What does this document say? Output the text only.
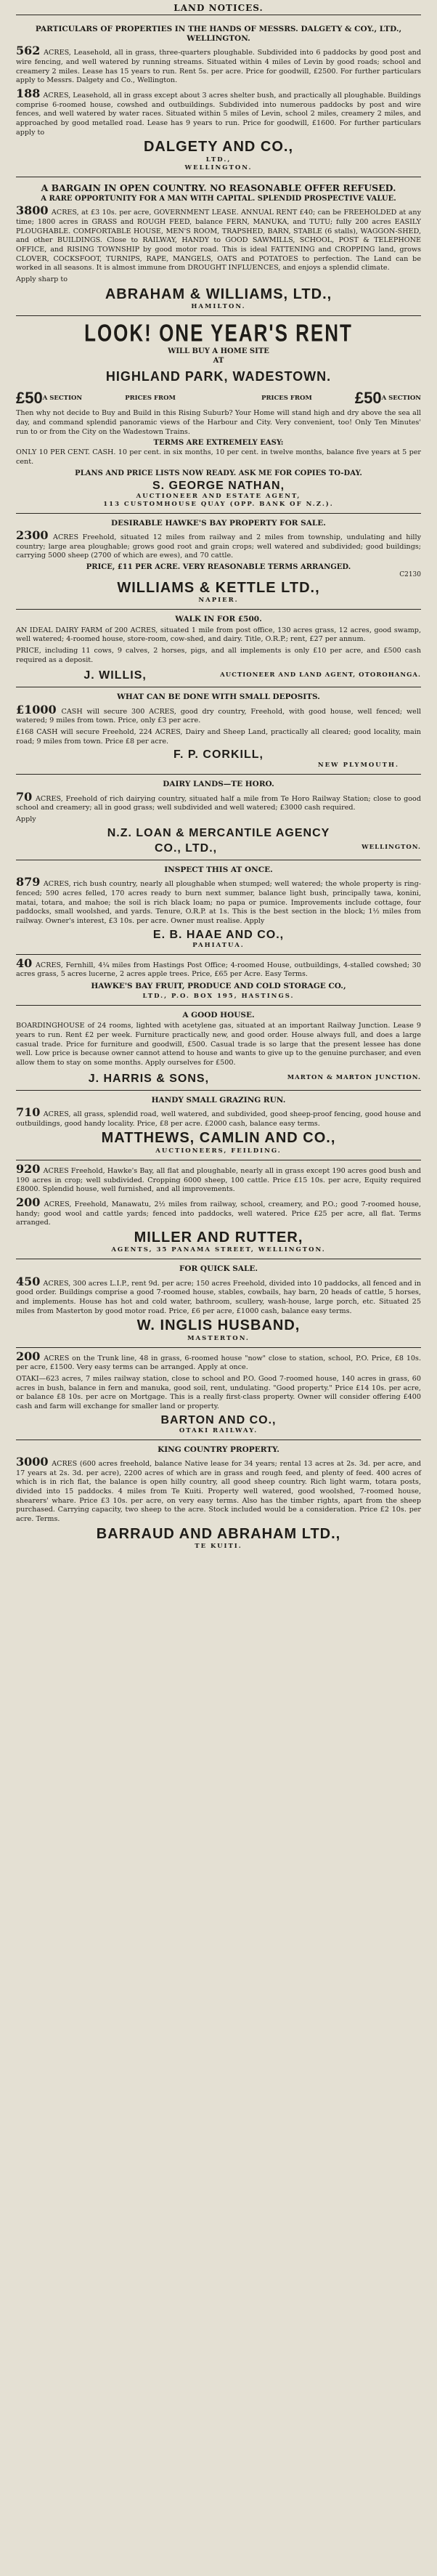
LAND NOTICES.
PARTICULARS OF PROPERTIES IN THE HANDS OF MESSRS. DALGETY & COY., LTD., WELLINGTON.

562 ACRES, Leasehold, all in grass, three-quarters ploughable. Subdivided into 6 paddocks by good post and wire fencing, and well watered by running streams. Situated within 4 miles of Levin by good roads; school and creamery 2 miles. Lease has 15 years to run. Rent 5s. per acre. Price for goodwill, £2500. For further particulars apply to Messrs. Dalgety and Co., Wellington.

188 ACRES, Leasehold, all in grass except about 3 acres shelter bush, and practically all ploughable. Buildings comprise 6-roomed house, cowshed and outbuildings. Subdivided into numerous paddocks by post and wire fences, and well watered by water races. Situated within 5 miles of Levin, school 2 miles, creamery 2 miles, and approached by good metalled road. Lease has 9 years to run. Price for goodwill, £1600. For further particulars apply to

DALGETY AND CO.,
LTD.,
WELLINGTON.
A BARGAIN IN OPEN COUNTRY. NO REASONABLE OFFER REFUSED.
A RARE OPPORTUNITY FOR A MAN WITH CAPITAL. SPLENDID PROSPECTIVE VALUE.

3800 ACRES, at £3 10s. per acre, GOVERNMENT LEASE. ANNUAL RENT £40; can be FREEHOLDED at any time; 1800 acres in GRASS and ROUGH FEED, balance FERN, MANUKA, and TUTU; fully 200 acres EASILY PLOUGHABLE. COMFORTABLE HOUSE, MEN'S ROOM, TRAPSHED, BARN, STABLE (6 stalls), WAGGON-SHED, and other BUILDINGS. Close to RAILWAY, HANDY to GOOD SAWMILLS, SCHOOL, POST & TELEPHONE OFFICE, and RISING TOWNSHIP by good motor road. This is ideal FATTENING and CROPPING land, grows CLOVER, COCKSFOOT, TURNIPS, RAPE, MANGELS, OATS and POTATOES to perfection. The Land can be worked in all seasons. It is almost immune from DROUGHT INFLUENCES, and enjoys a splendid climate.

Apply sharp to

ABRAHAM & WILLIAMS, LTD.,
HAMILTON.
LOOK! ONE YEAR'S RENT
WILL BUY A HOME SITE
AT
HIGHLAND PARK, WADESTOWN.
£50 A SECTION	PRICES FROM	PRICES FROM	£50 A SECTION

Then why not decide to Buy and Build in this Rising Suburb? Your Home will stand high and dry above the sea all day, and command splendid panoramic views of the Harbour and City. Very convenient, too! Only Ten Minutes' run to or from the City on the Wadestown Trains.

TERMS ARE EXTREMELY EASY:

ONLY 10 PER CENT. CASH. 10 per cent. in six months, 10 per cent. in twelve months, balance five years at 5 per cent.

PLANS AND PRICE LISTS NOW READY. ASK ME FOR COPIES TO-DAY.
S. GEORGE NATHAN,
AUCTIONEER AND ESTATE AGENT,
113 CUSTOMHOUSE QUAY (OPP. BANK OF N.Z.).
DESIRABLE HAWKE'S BAY PROPERTY FOR SALE.

2300 ACRES Freehold, situated 12 miles from railway and 2 miles from township, undulating and hilly country; large area ploughable; grows good root and grain crops; well watered and subdivided; good buildings; carrying 5000 sheep (2700 of which are ewes), and 70 cattle.

PRICE, £11 PER ACRE. VERY REASONABLE TERMS ARRANGED.
C2130
WILLIAMS & KETTLE LTD.,
NAPIER.
WALK IN FOR £500.

AN IDEAL DAIRY FARM of 200 ACRES, situated 1 mile from post office, 130 acres grass, 12 acres, good swamp, well watered; 4-roomed house, store-room, cow-shed, and dairy. Title, O.R.P.; rent, £27 per annum.

PRICE, including 11 cows, 9 calves, 2 horses, pigs, and all implements is only £10 per acre, and £500 cash required as a deposit.

J. WILLIS,	AUCTIONEER AND LAND AGENT, OTOROHANGA.
WHAT CAN BE DONE WITH SMALL DEPOSITS.

£1000 CASH will secure 300 ACRES, good dry country, Freehold, with good house, well fenced; well watered; 9 miles from town. Price, only £3 per acre.

£168 CASH will secure Freehold, 224 ACRES, Dairy and Sheep Land, practically all cleared; good locality, main road; 9 miles from town. Price £8 per acre.

F. P. CORKILL,
NEW PLYMOUTH.
DAIRY LANDS—TE HORO.

70 ACRES, Freehold of rich dairying country, situated half a mile from Te Horo Railway Station; close to good school and creamery; all in good grass; well subdivided and well watered; £3000 cash required.

Apply

N.Z. LOAN & MERCANTILE AGENCY
CO., LTD.,	WELLINGTON.
INSPECT THIS AT ONCE.

879 ACRES, rich bush country, nearly all ploughable when stumped; well watered; the whole property is ring-fenced; 590 acres felled, 170 acres ready to burn next summer, balance light bush, principally tawa, konini, matai, totara, and mahoe; the soil is rich black loam; no papa or pumice. Improvements include cottage, four paddocks, small woolshed, and yards. Tenure, O.R.P. at 1s. This is the best section in the block; 1½ miles from railway. Owner's interest, £3 10s. per acre. Owner must realise. Apply

E. B. HAAE AND CO.,
PAHIATUA.

40 ACRES, Fernhill, 4¼ miles from Hastings Post Office; 4-roomed House, outbuildings, 4-stalled cowshed; 30 acres grass, 5 acres lucerne, 2 acres apple trees. Price, £65 per Acre. Easy Terms.

HAWKE'S BAY FRUIT, PRODUCE AND COLD STORAGE CO.,
LTD., P.O. BOX 195, HASTINGS.
A GOOD HOUSE.

BOARDINGHOUSE of 24 rooms, lighted with acetylene gas, situated at an important Railway Junction. Lease 9 years to run. Rent £2 per week. Furniture practically new, and good order. House always full, and does a large casual trade. Price for furniture and goodwill, £500. Casual trade is so large that the present lessee has done well. Low price is because owner cannot attend to house and wants to give up to the genuine purchaser, and even allow them to stay on some months. Apply ourselves for £500.

J. HARRIS & SONS,	MARTON & MARTON JUNCTION.
HANDY SMALL GRAZING RUN.

710 ACRES, all grass, splendid road, well watered, and subdivided, good sheep-proof fencing, good house and outbuildings, good handy locality. Price, £8 per acre. £2000 cash, balance easy terms.

MATTHEWS, CAMLIN AND CO.,
AUCTIONEERS, FEILDING.

920 ACRES Freehold, Hawke's Bay, all flat and ploughable, nearly all in grass except 190 acres good bush and 190 acres in crop; well subdivided. Cropping 6000 sheep, 100 cattle. Price £15 10s. per acre, Equity required £8000. Splendid house, well furnished, and all improvements.

200 ACRES, Freehold, Manawatu, 2½ miles from railway, school, creamery, and P.O.; good 7-roomed house, handy; good wool and cattle yards; fenced into paddocks, well watered. Price £25 per acre, all flat. Terms arranged.

MILLER AND RUTTER,
AGENTS, 35 PANAMA STREET, WELLINGTON.
FOR QUICK SALE.

450 ACRES, 300 acres L.I.P., rent 9d. per acre; 150 acres Freehold, divided into 10 paddocks, all fenced and in good order. Buildings comprise a good 7-roomed house, stables, cowbails, hay barn, 20 heads of cattle, 5 horses, and implements. House has hot and cold water, bathroom, scullery, wash-house, large porch, etc. Situated 25 miles from Masterton by good motor road. Price, £6 per acre, £1000 cash, balance easy terms.

W. INGLIS HUSBAND,
MASTERTON.

200 ACRES on the Trunk line, 48 in grass, 6-roomed house "now" close to station, school, P.O. Price, £8 10s. per acre, £1500. Very easy terms can be arranged. Apply at once.

OTAKI—623 acres, 7 miles railway station, close to school and P.O. Good 7-roomed house, 140 acres in grass, 60 acres in bush, balance in fern and manuka, good soil, rent, undulating. "Good property." Price £14 10s. per acre, or balance £8 10s. per acre on Mortgage. This is a really first-class property. Owner will consider offering £400 cash and farm will exchange for smaller land or property.

BARTON AND CO.,
OTAKI RAILWAY.
KING COUNTRY PROPERTY.

3000 ACRES (600 acres freehold, balance Native lease for 34 years; rental 13 acres at 2s. 3d. per acre, and 17 years at 2s. 3d. per acre), 2200 acres of which are in grass and rough feed, and plenty of feed. 400 acres of which is in rich flat, the balance is open hilly country, all good sheep country. Rich light warm, totara posts, divided into 15 paddocks. 4 miles from Te Kuiti. Property well watered, good woolshed, 7-roomed house, shearers' whare. Price £3 10s. per acre, on very easy terms. Also has the timber rights, apart from the sheep purchased. Carrying capacity, two sheep to the acre. Stock included would be a consideration. Price £2 10s. per acre. Terms.

BARRAUD AND ABRAHAM LTD.,
TE KUITI.
